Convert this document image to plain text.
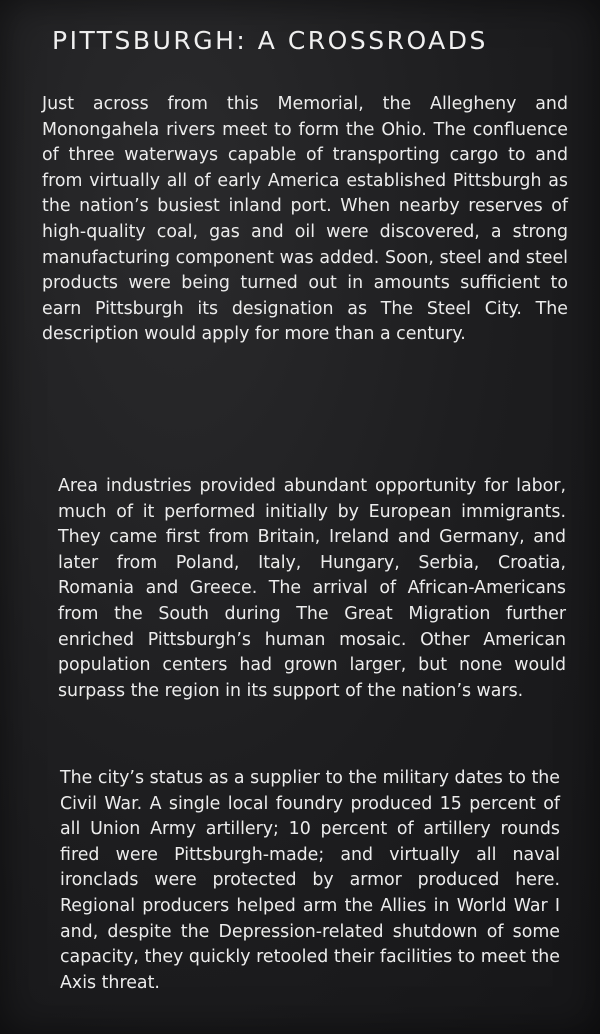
PITTSBURGH: A CROSSROADS

Just across from this Memorial, the Allegheny and Monongahela rivers meet to form the Ohio. The confluence of three waterways capable of transporting cargo to and from virtually all of early America established Pittsburgh as the nation’s busiest inland port. When nearby reserves of high-quality coal, gas and oil were discovered, a strong manufacturing component was added. Soon, steel and steel products were being turned out in amounts sufficient to earn Pittsburgh its designation as The Steel City. The description would apply for more than a century.

Area industries provided abundant opportunity for labor, much of it performed initially by European immigrants. They came first from Britain, Ireland and Germany, and later from Poland, Italy, Hungary, Serbia, Croatia, Romania and Greece. The arrival of African-Americans from the South during The Great Migration further enriched Pittsburgh’s human mosaic. Other American population centers had grown larger, but none would surpass the region in its support of the nation’s wars.

The city’s status as a supplier to the military dates to the Civil War. A single local foundry produced 15 percent of all Union Army artillery; 10 percent of artillery rounds fired were Pittsburgh-made; and virtually all naval ironclads were protected by armor produced here. Regional producers helped arm the Allies in World War I and, despite the Depression-related shutdown of some capacity, they quickly retooled their facilities to meet the Axis threat.
